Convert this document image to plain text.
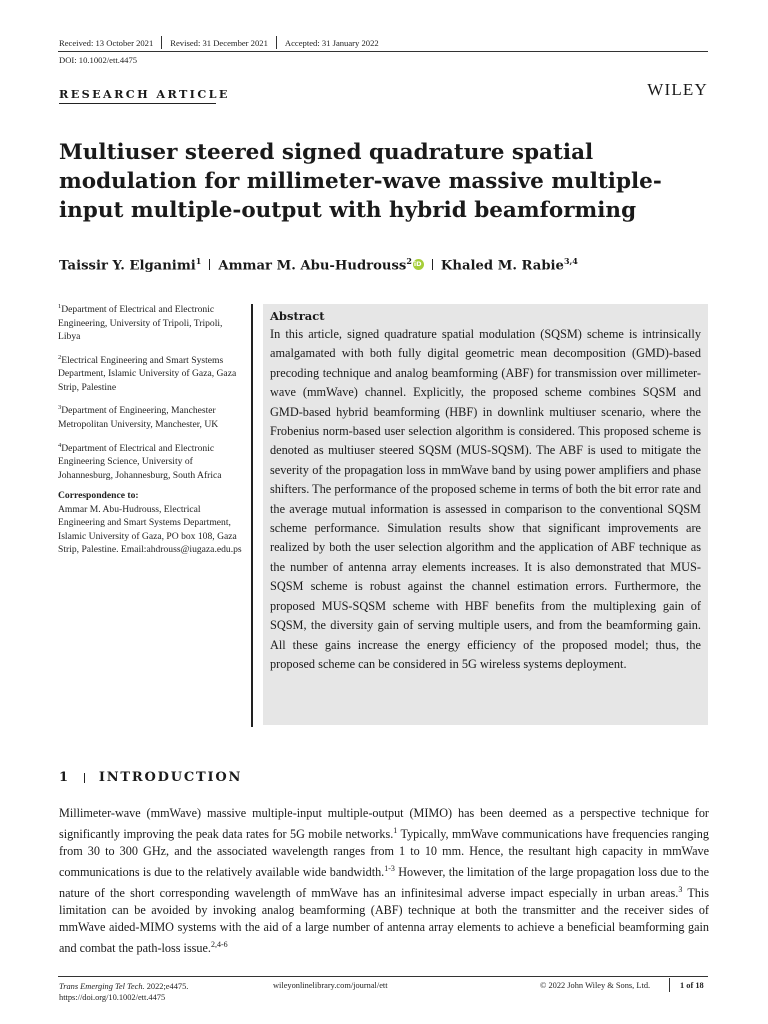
Received: 13 October 2021 Revised: 31 December 2021 Accepted: 31 January 2022
DOI: 10.1002/ett.4475
RESEARCH ARTICLE	WILEY
Multiuser steered signed quadrature spatial modulation for millimeter-wave massive multiple-input multiple-output with hybrid beamforming
Taissir Y. Elganimi$^1$ Ammar M. Abu-Hudrouss$^2$
iD Khaled M. Rabie$^{3,4}$

$^1$Department of Electrical and Electronic Engineering, University of Tripoli, Tripoli, Libya

$^2$Electrical Engineering and Smart Systems Department, Islamic University of Gaza, Gaza Strip, Palestine

$^3$Department of Engineering, Manchester Metropolitan University, Manchester, UK

$^4$Department of Electrical and Electronic Engineering Science, University of Johannesburg, Johannesburg, South Africa

Correspondence to:

Ammar M. Abu-Hudrouss, Electrical Engineering and Smart Systems Department, Islamic University of Gaza, PO box 108, Gaza Strip, Palestine. Email:ahdrouss@iugaza.edu.ps

Abstract

In this article, signed quadrature spatial modulation (SQSM) scheme is intrinsically amalgamated with both fully digital geometric mean decomposition (GMD)-based precoding technique and analog beamforming (ABF) for transmission over millimeter-wave (mmWave) channel. Explicitly, the proposed scheme combines SQSM and GMD-based hybrid beamforming (HBF) in downlink multiuser scenario, where the Frobenius norm-based user selection algorithm is considered. This proposed scheme is denoted as multiuser steered SQSM (MUS-SQSM). The ABF is used to mitigate the severity of the propagation loss in mmWave band by using power amplifiers and phase shifters. The performance of the proposed scheme in terms of both the bit error rate and the average mutual information is assessed in comparison to the conventional SQSM scheme performance. Simulation results show that significant improvements are realized by both the user selection algorithm and the application of ABF technique as the number of antenna array elements increases. It is also demonstrated that MUS-SQSM scheme is robust against the channel estimation errors. Furthermore, the proposed MUS-SQSM scheme with HBF benefits from the multiplexing gain of SQSM, the diversity gain of serving multiple users, and from the beamforming gain. All these gains increase the energy efficiency of the proposed model; thus, the proposed scheme can be considered in 5G wireless systems deployment.

1 INTRODUCTION

Millimeter-wave (mmWave) massive multiple-input multiple-output (MIMO) has been deemed as a perspective technique for significantly improving the peak data rates for 5G mobile networks.$^1$ Typically, mmWave communications have frequencies ranging from 30 to 300 GHz, and the associated wavelength ranges from 1 to 10 mm. Hence, the resultant high capacity in mmWave communications is due to the relatively available wide bandwidth.$^{1-3}$ However, the limitation of the large propagation loss due to the nature of the short corresponding wavelength of mmWave has an infinitesimal adverse impact especially in urban areas.$^3$ This limitation can be avoided by invoking analog beamforming (ABF) technique at both the transmitter and the receiver sides of mmWave aided-MIMO systems with the aid of a large number of antenna array elements to achieve a beneficial beamforming gain and combat the path-loss issue.$^{2,4-6}$

Trans Emerging Tel Tech. 2022;e4475.
https://doi.org/10.1002/ett.4475
wileyonlinelibrary.com/journal/ett	© 2022 John Wiley & Sons, Ltd.	1 of 18
